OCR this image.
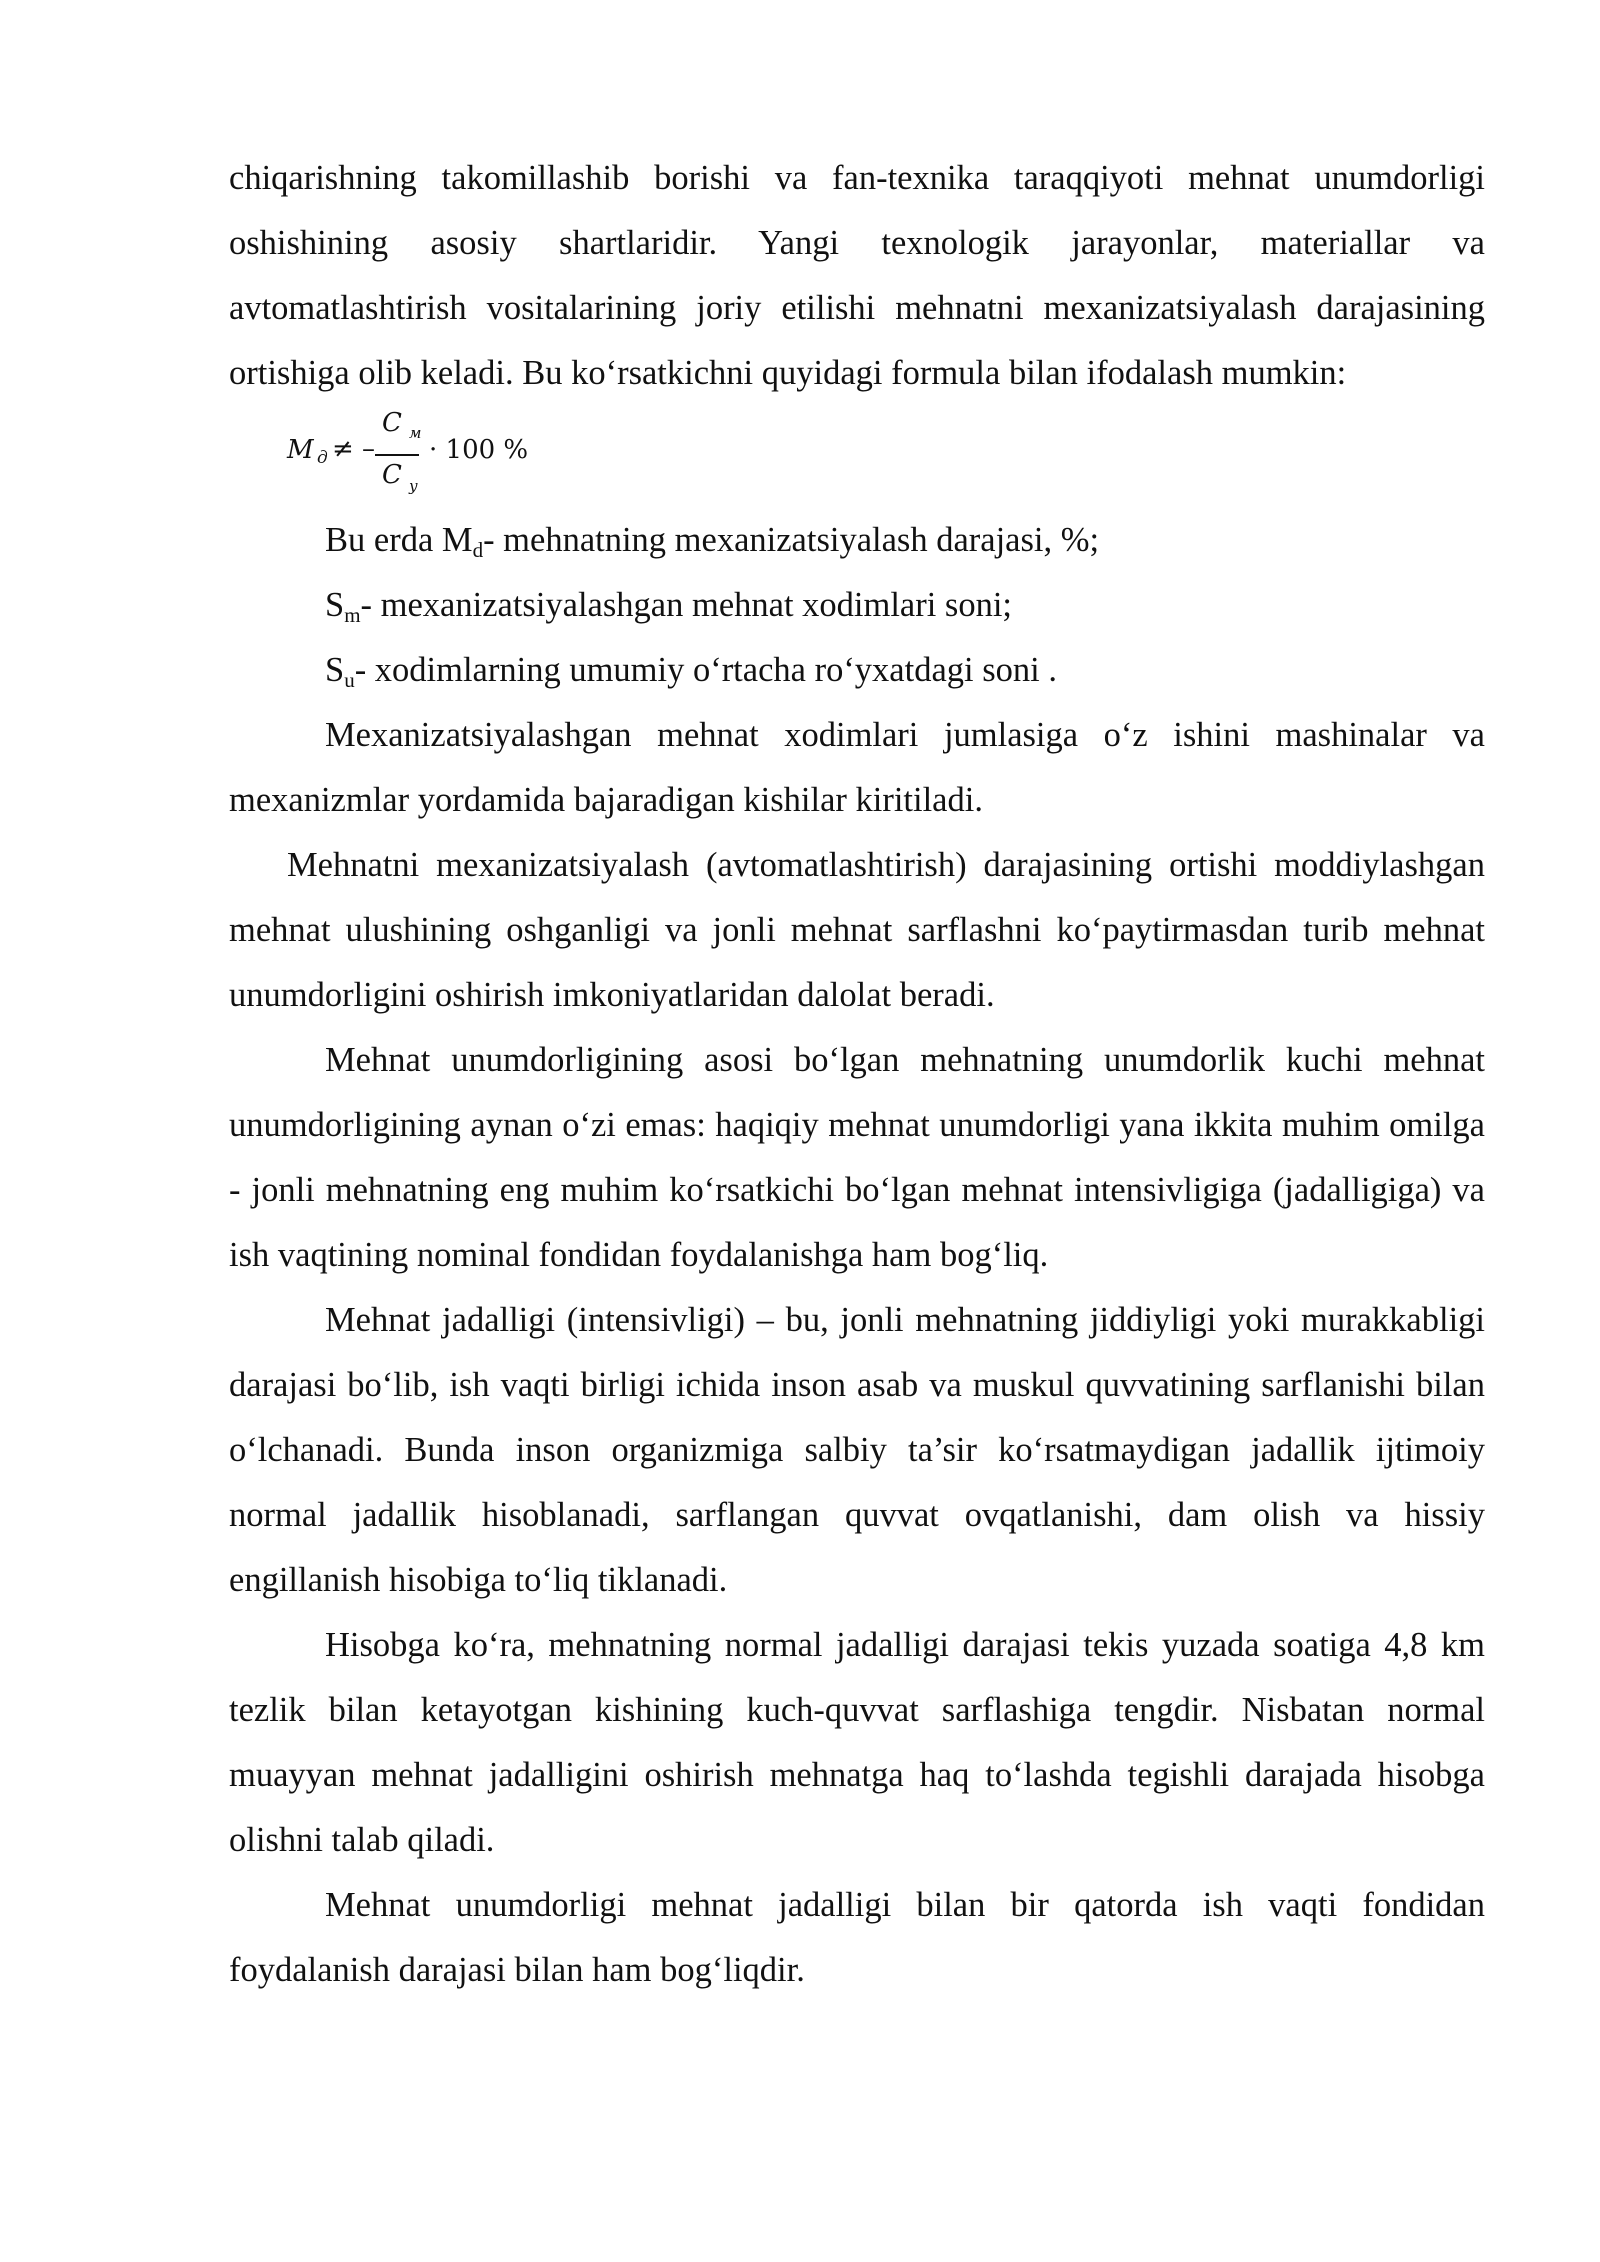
chiqarishning takomillashib borishi va fan-texnika taraqqiyoti mehnat unumdorligi oshishining asosiy shartlaridir. Yangi texnologik jarayonlar, materiallar va avtomatlashtirish vositalarining joriy etilishi mehnatni mexanizatsiyalash darajasining ortishiga olib keladi. Bu ko‘rsatkichni quyidagi formula bilan ifodalash mumkin:

M д ≠ –
C м
C у
· 100 %

Bu erda Md- mehnatning mexanizatsiyalash darajasi, %;

Sm- mexanizatsiyalashgan mehnat xodimlari soni;

Su- xodimlarning umumiy o‘rtacha ro‘yxatdagi soni .

Mexanizatsiyalashgan mehnat xodimlari jumlasiga o‘z ishini mashinalar va mexanizmlar yordamida bajaradigan kishilar kiritiladi.

Mehnatni mexanizatsiyalash (avtomatlashtirish) darajasining ortishi moddiylashgan mehnat ulushining oshganligi va jonli mehnat sarflashni ko‘paytirmasdan turib mehnat unumdorligini oshirish imkoniyatlaridan dalolat beradi.

Mehnat unumdorligining asosi bo‘lgan mehnatning unumdorlik kuchi mehnat unumdorligining aynan o‘zi emas: haqiqiy mehnat unumdorligi yana ikkita muhim omilga - jonli mehnatning eng muhim ko‘rsatkichi bo‘lgan mehnat intensivligiga (jadalligiga) va ish vaqtining nominal fondidan foydalanishga ham bog‘liq.

Mehnat jadalligi (intensivligi) – bu, jonli mehnatning jiddiyligi yoki murakkabligi darajasi bo‘lib, ish vaqti birligi ichida inson asab va muskul quvvatining sarflanishi bilan o‘lchanadi. Bunda inson organizmiga salbiy ta’sir ko‘rsatmaydigan jadallik ijtimoiy normal jadallik hisoblanadi, sarflangan quvvat ovqatlanishi, dam olish va hissiy engillanish hisobiga to‘liq tiklanadi.

Hisobga ko‘ra, mehnatning normal jadalligi darajasi tekis yuzada soatiga 4,8 km tezlik bilan ketayotgan kishining kuch-quvvat sarflashiga tengdir. Nisbatan normal muayyan mehnat jadalligini oshirish mehnatga haq to‘lashda tegishli darajada hisobga olishni talab qiladi.

Mehnat unumdorligi mehnat jadalligi bilan bir qatorda ish vaqti fondidan foydalanish darajasi bilan ham bog‘liqdir.
